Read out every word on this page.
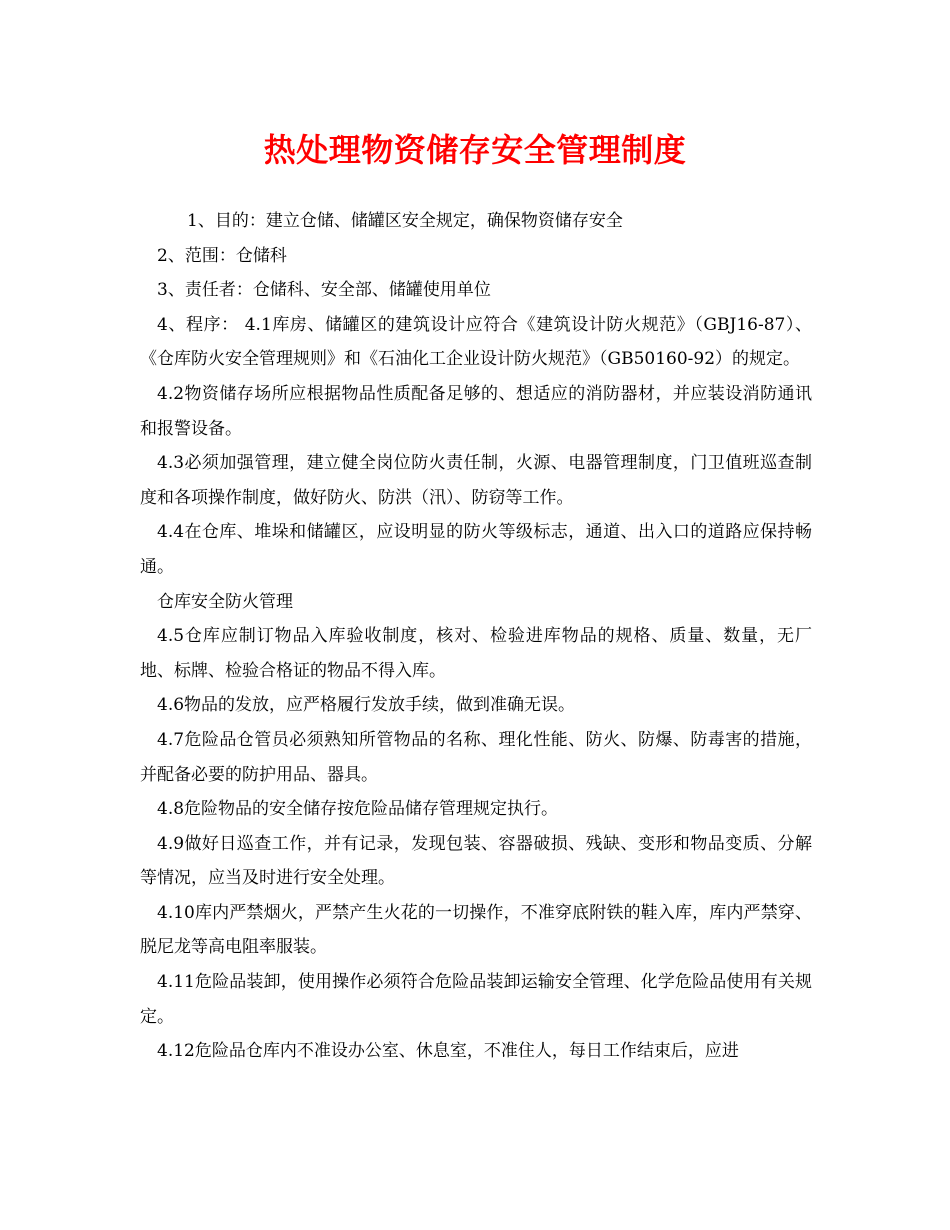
热处理物资储存安全管理制度

1、目的：建立仓储、储罐区安全规定，确保物资储存安全

2、范围：仓储科

3、责任者：仓储科、安全部、储罐使用单位

4、程序： 4.1库房、储罐区的建筑设计应符合《建筑设计防火规范》（GBJ16-87）、《仓库防火安全管理规则》和《石油化工企业设计防火规范》（GB50160-92）的规定。

4.2物资储存场所应根据物品性质配备足够的、想适应的消防器材，并应装设消防通讯和报警设备。

4.3必须加强管理，建立健全岗位防火责任制，火源、电器管理制度，门卫值班巡查制度和各项操作制度，做好防火、防洪（汛）、防窃等工作。

4.4在仓库、堆垛和储罐区，应设明显的防火等级标志，通道、出入口的道路应保持畅通。

仓库安全防火管理

4.5仓库应制订物品入库验收制度，核对、检验进库物品的规格、质量、数量，无厂地、标牌、检验合格证的物品不得入库。

4.6物品的发放，应严格履行发放手续，做到准确无误。

4.7危险品仓管员必须熟知所管物品的名称、理化性能、防火、防爆、防毒害的措施，并配备必要的防护用品、器具。

4.8危险物品的安全储存按危险品储存管理规定执行。

4.9做好日巡查工作，并有记录，发现包装、容器破损、残缺、变形和物品变质、分解等情况，应当及时进行安全处理。

4.10库内严禁烟火，严禁产生火花的一切操作，不准穿底附铁的鞋入库，库内严禁穿、脱尼龙等高电阻率服装。

4.11危险品装卸，使用操作必须符合危险品装卸运输安全管理、化学危险品使用有关规定。

4.12危险品仓库内不准设办公室、休息室，不准住人，每日工作结束后，应进
